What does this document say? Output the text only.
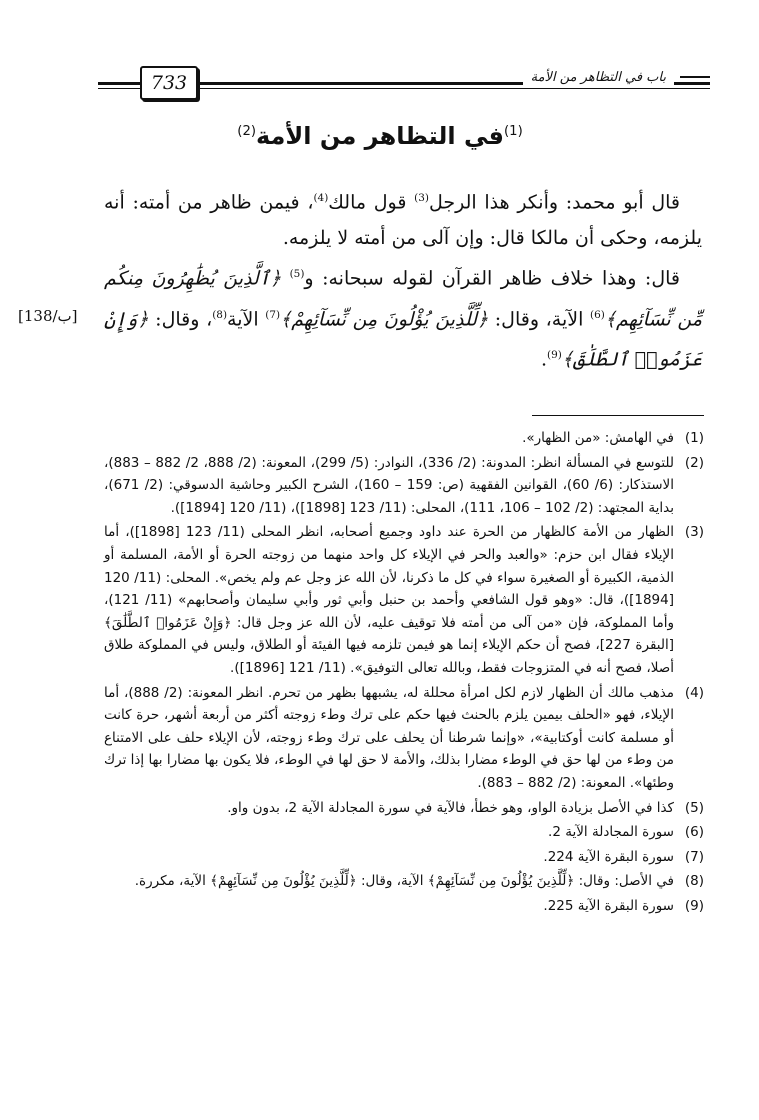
733	باب في التظاهر من الأمة
$^{(1)}$في التظاهر من الأمة$^{(2)}$

قال أبو محمد: وأنكر هذا الرجل$^{(3)}$ قول مالك$^{(4)}$، فيمن ظاهر من أمته: أنه يلزمه، وحكى أن مالكا قال: وإن آلى من أمته لا يلزمه.

قال: وهذا خلاف ظاهر القرآن لقوله سبحانه: و$^{(5)}$ ﴿ٱلَّذِينَ يُظَٰهِرُونَ مِنكُم مِّن نِّسَآئِهِم﴾$^{(6)}$ الآية، وقال: ﴿لِّلَّذِينَ يُؤْلُونَ مِن نِّسَآئِهِمْ﴾$^{(7)}$ الآية$^{(8)}$، وقال: ﴿وَإِنْ عَزَمُوا۟ ٱلطَّلَٰقَ﴾$^{(9)}$.

[138/ب]

(1)في الهامش: «من الظهار».

(2)للتوسع في المسألة انظر: المدونة: (2/ 336)، النوادر: (5/ 299)، المعونة: (2/ 888، 2/ 882 – 883)، الاستذكار: (6/ 60)، القوانين الفقهية (ص: 159 – 160)، الشرح الكبير وحاشية الدسوقي: (2/ 671)، بداية المجتهد: (2/ 102 – 106، 111)، المحلى: (11/ 123 [1898])، (11/ 120 [1894]).

(3)الظهار من الأمة كالظهار من الحرة عند داود وجميع أصحابه، انظر المحلى (11/ 123 [1898])، أما الإيلاء فقال ابن حزم: «والعبد والحر في الإيلاء كل واحد منهما من زوجته الحرة أو الأمة، المسلمة أو الذمية، الكبيرة أو الصغيرة سواء في كل ما ذكرنا، لأن الله عز وجل عم ولم يخص». المحلى: (11/ 120 [1894])، قال: «وهو قول الشافعي وأحمد بن حنبل وأبي ثور وأبي سليمان وأصحابهم» (11/ 121)، وأما المملوكة، فإن «من آلى من أمته فلا توقيف عليه، لأن الله عز وجل قال: ﴿وَإِنْ عَزَمُوا۟ ٱلطَّلَٰقَ﴾ [البقرة 227]، فصح أن حكم الإيلاء إنما هو فيمن تلزمه فيها الفيئة أو الطلاق، وليس في المملوكة طلاق أصلا، فصح أنه في المتزوجات فقط، وبالله تعالى التوفيق». (11/ 121 [1896]).

(4)مذهب مالك أن الظهار لازم لكل امرأة محللة له، يشبهها بظهر من تحرم. انظر المعونة: (2/ 888)، أما الإيلاء، فهو «الحلف بيمين يلزم بالحنث فيها حكم على ترك وطء زوجته أكثر من أربعة أشهر، حرة كانت أو مسلمة كانت أوكتابية»، «وإنما شرطنا أن يحلف على ترك وطء زوجته، لأن الإيلاء حلف على الامتناع من وطء من لها حق في الوطء مضارا بذلك، والأمة لا حق لها في الوطء، فلا يكون بها مضارا بها إذا ترك وطئها». المعونة: (2/ 882 – 883).

(5)كذا في الأصل بزيادة الواو، وهو خطأ، فالآية في سورة المجادلة الآية 2، بدون واو.

(6)سورة المجادلة الآية 2.

(7)سورة البقرة الآية 224.

(8)في الأصل: وقال: ﴿لِّلَّذِينَ يُؤْلُونَ مِن نِّسَآئِهِمْ﴾ الآية، وقال: ﴿لِّلَّذِينَ يُؤْلُونَ مِن نِّسَآئِهِمْ﴾ الآية، مكررة.

(9)سورة البقرة الآية 225.
